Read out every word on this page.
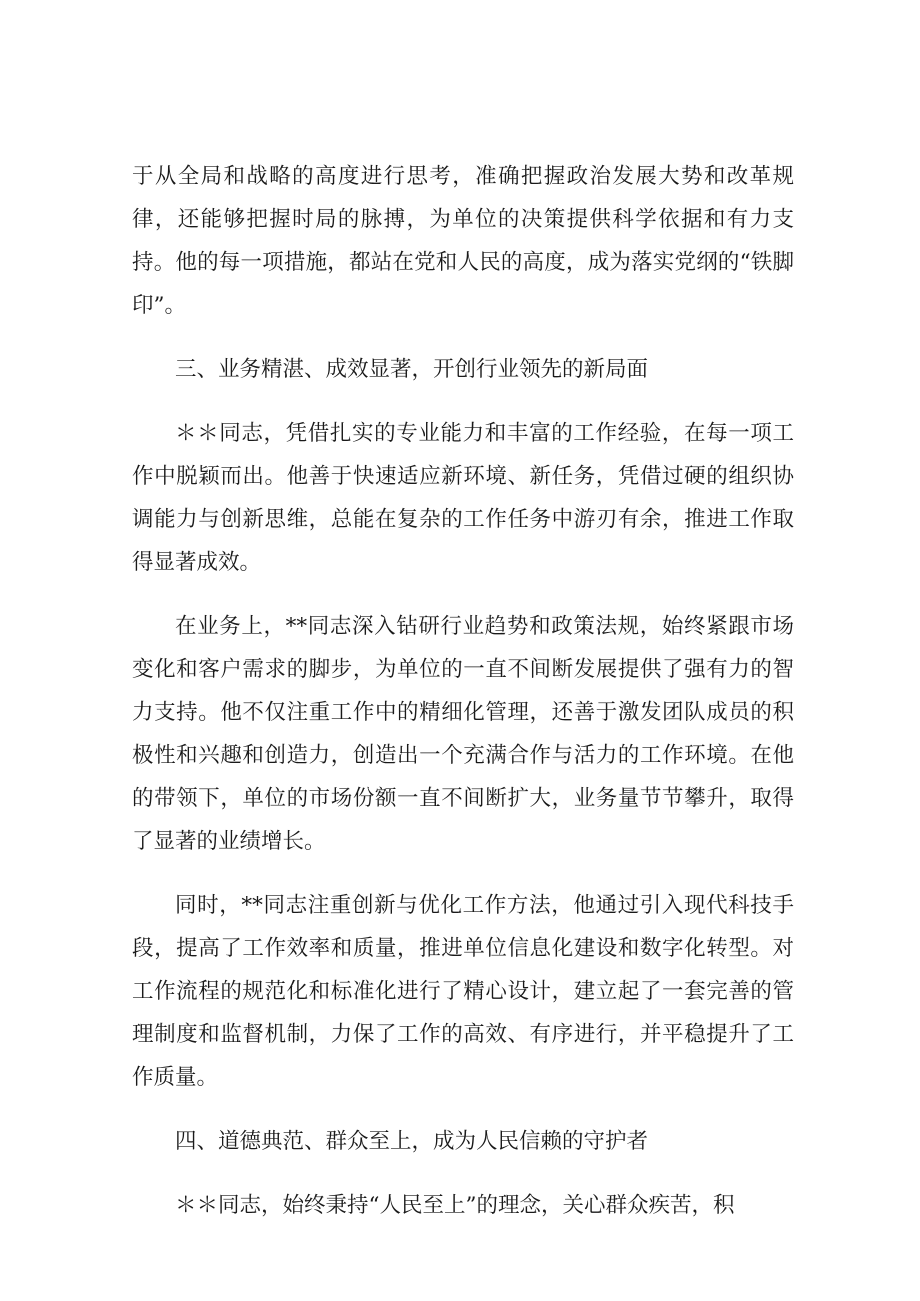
于从全局和战略的高度进行思考，准确把握政治发展大势和改革规律，还能够把握时局的脉搏，为单位的决策提供科学依据和有力支持。他的每一项措施，都站在党和人民的高度，成为落实党纲的“铁脚印”。

三、业务精湛、成效显著，开创行业领先的新局面

＊＊同志，凭借扎实的专业能力和丰富的工作经验，在每一项工作中脱颖而出。他善于快速适应新环境、新任务，凭借过硬的组织协调能力与创新思维，总能在复杂的工作任务中游刃有余，推进工作取得显著成效。

在业务上，**同志深入钻研行业趋势和政策法规，始终紧跟市场变化和客户需求的脚步，为单位的一直不间断发展提供了强有力的智力支持。他不仅注重工作中的精细化管理，还善于激发团队成员的积极性和兴趣和创造力，创造出一个充满合作与活力的工作环境。在他的带领下，单位的市场份额一直不间断扩大，业务量节节攀升，取得了显著的业绩增长。

同时，**同志注重创新与优化工作方法，他通过引入现代科技手段，提高了工作效率和质量，推进单位信息化建设和数字化转型。对工作流程的规范化和标准化进行了精心设计，建立起了一套完善的管理制度和监督机制，力保了工作的高效、有序进行，并平稳提升了工作质量。

四、道德典范、群众至上，成为人民信赖的守护者

＊＊同志，始终秉持“人民至上”的理念，关心群众疾苦，积
